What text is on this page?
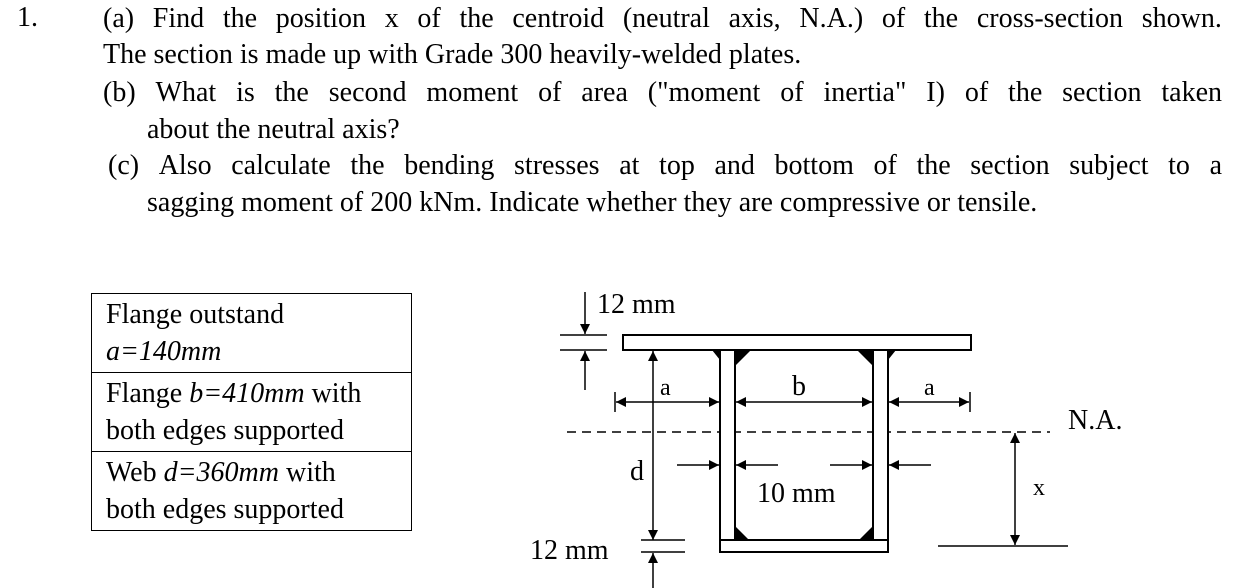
1. (a) Find the position x of the centroid (neutral axis, N.A.) of the cross-section shown.
The section is made up with Grade 300 heavily-welded plates.
(b) What is the second moment of area ("moment of inertia" I) of the section taken
about the neutral axis?
(c) Also calculate the bending stresses at top and bottom of the section subject to a
sagging moment of 200 kNm. Indicate whether they are compressive or tensile.
Flange outstand
a=140mm
Flange b=410mm with
both edges supported
Web d=360mm with
both edges supported
12 mm
d
12 mm
a	b	a
10 mm	x
N.A.
